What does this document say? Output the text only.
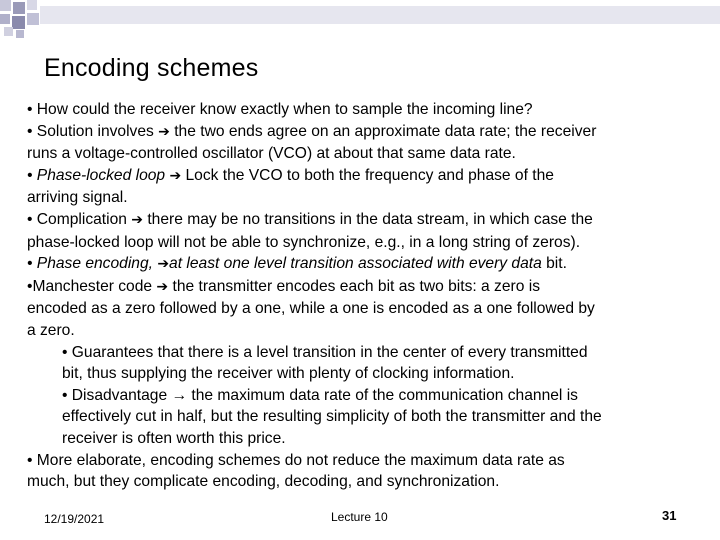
Encoding schemes
• How could the receiver know exactly when to sample the incoming line?
• Solution involves ➔ the two ends agree on an approximate data rate; the receiver
runs a voltage-controlled oscillator (VCO) at about that same data rate.
• Phase-locked loop ➔ Lock the VCO to both the frequency and phase of the
arriving signal.
• Complication ➔ there may be no transitions in the data stream, in which case the
phase-locked loop will not be able to synchronize, e.g., in a long string of zeros).
• Phase encoding, ➔at least one level transition associated with every data bit.
•Manchester code ➔ the transmitter encodes each bit as two bits: a zero is
encoded as a zero followed by a one, while a one is encoded as a one followed by
a zero.
• Guarantees that there is a level transition in the center of every transmitted
bit, thus supplying the receiver with plenty of clocking information.
• Disadvantage → the maximum data rate of the communication channel is
effectively cut in half, but the resulting simplicity of both the transmitter and the
receiver is often worth this price.
• More elaborate, encoding schemes do not reduce the maximum data rate as
much, but they complicate encoding, decoding, and synchronization.
12/19/2021	Lecture 10	31
